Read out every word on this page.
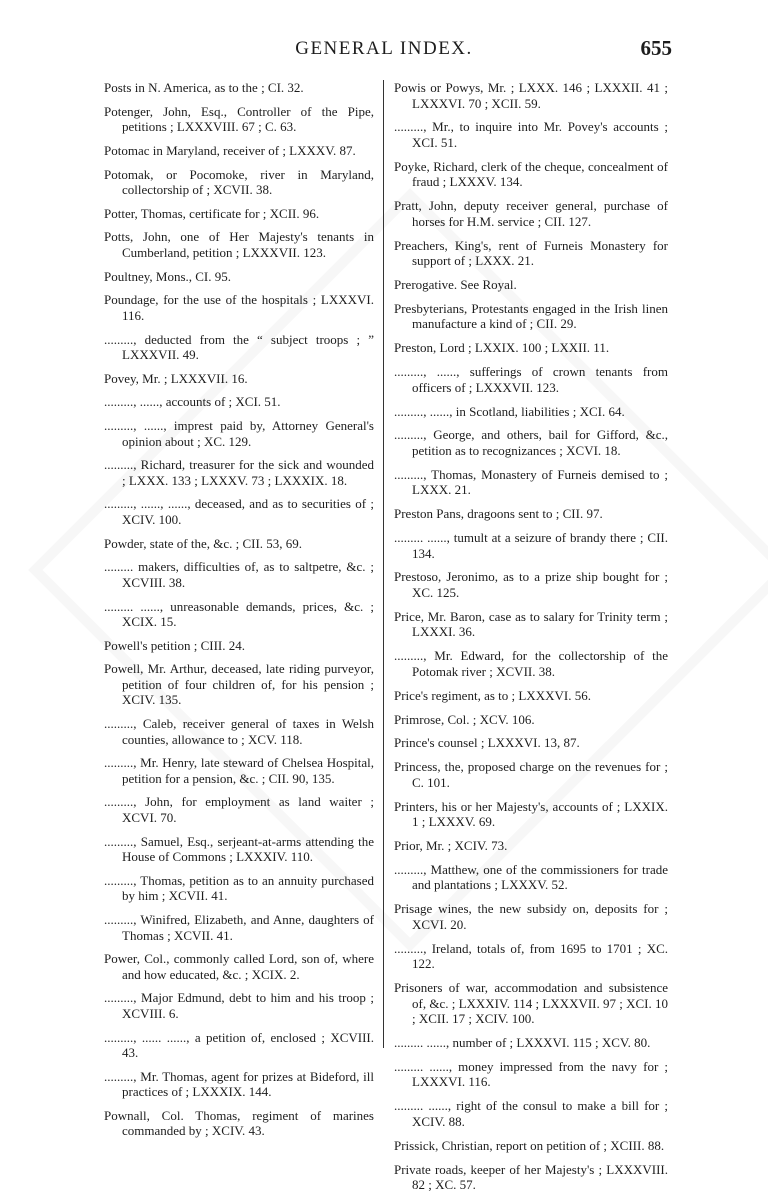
GENERAL INDEX.	655

Posts in N. America, as to the ; CI. 32.

Potenger, John, Esq., Controller of the Pipe, petitions ; LXXXVIII. 67 ; C. 63.

Potomac in Maryland, receiver of ; LXXXV. 87.

Potomak, or Pocomoke, river in Maryland, collectorship of ; XCVII. 38.

Potter, Thomas, certificate for ; XCII. 96.

Potts, John, one of Her Majesty's tenants in Cumberland, petition ; LXXXVII. 123.

Poultney, Mons., CI. 95.

Poundage, for the use of the hospitals ; LXXXVI. 116.

........., deducted from the “ subject troops ; ” LXXXVII. 49.

Povey, Mr. ; LXXXVII. 16.

........., ......, accounts of ; XCI. 51.

........., ......, imprest paid by, Attorney General's opinion about ; XC. 129.

........., Richard, treasurer for the sick and wounded ; LXXX. 133 ; LXXXV. 73 ; LXXXIX. 18.

........., ......, ......, deceased, and as to securities of ; XCIV. 100.

Powder, state of the, &c. ; CII. 53, 69.

......... makers, difficulties of, as to saltpetre, &c. ; XCVIII. 38.

......... ......, unreasonable demands, prices, &c. ; XCIX. 15.

Powell's petition ; CIII. 24.

Powell, Mr. Arthur, deceased, late riding purveyor, petition of four children of, for his pension ; XCIV. 135.

........., Caleb, receiver general of taxes in Welsh counties, allowance to ; XCV. 118.

........., Mr. Henry, late steward of Chelsea Hospital, petition for a pension, &c. ; CII. 90, 135.

........., John, for employment as land waiter ; XCVI. 70.

........., Samuel, Esq., serjeant-at-arms attending the House of Commons ; LXXXIV. 110.

........., Thomas, petition as to an annuity purchased by him ; XCVII. 41.

........., Winifred, Elizabeth, and Anne, daughters of Thomas ; XCVII. 41.

Power, Col., commonly called Lord, son of, where and how educated, &c. ; XCIX. 2.

........., Major Edmund, debt to him and his troop ; XCVIII. 6.

........., ...... ......, a petition of, enclosed ; XCVIII. 43.

........., Mr. Thomas, agent for prizes at Bideford, ill practices of ; LXXXIX. 144.

Pownall, Col. Thomas, regiment of marines commanded by ; XCIV. 43.

Powis or Powys, Mr. ; LXXX. 146 ; LXXXII. 41 ; LXXXVI. 70 ; XCII. 59.

........., Mr., to inquire into Mr. Povey's accounts ; XCI. 51.

Poyke, Richard, clerk of the cheque, concealment of fraud ; LXXXV. 134.

Pratt, John, deputy receiver general, purchase of horses for H.M. service ; CII. 127.

Preachers, King's, rent of Furneis Monastery for support of ; LXXX. 21.

Prerogative. See Royal.

Presbyterians, Protestants engaged in the Irish linen manufacture a kind of ; CII. 29.

Preston, Lord ; LXXIX. 100 ; LXXII. 11.

........., ......, sufferings of crown tenants from officers of ; LXXXVII. 123.

........., ......, in Scotland, liabilities ; XCI. 64.

........., George, and others, bail for Gifford, &c., petition as to recognizances ; XCVI. 18.

........., Thomas, Monastery of Furneis demised to ; LXXX. 21.

Preston Pans, dragoons sent to ; CII. 97.

......... ......, tumult at a seizure of brandy there ; CII. 134.

Prestoso, Jeronimo, as to a prize ship bought for ; XC. 125.

Price, Mr. Baron, case as to salary for Trinity term ; LXXXI. 36.

........., Mr. Edward, for the collectorship of the Potomak river ; XCVII. 38.

Price's regiment, as to ; LXXXVI. 56.

Primrose, Col. ; XCV. 106.

Prince's counsel ; LXXXVI. 13, 87.

Princess, the, proposed charge on the revenues for ; C. 101.

Printers, his or her Majesty's, accounts of ; LXXIX. 1 ; LXXXV. 69.

Prior, Mr. ; XCIV. 73.

........., Matthew, one of the commissioners for trade and plantations ; LXXXV. 52.

Prisage wines, the new subsidy on, deposits for ; XCVI. 20.

........., Ireland, totals of, from 1695 to 1701 ; XC. 122.

Prisoners of war, accommodation and subsistence of, &c. ; LXXXIV. 114 ; LXXXVII. 97 ; XCI. 10 ; XCII. 17 ; XCIV. 100.

......... ......, number of ; LXXXVI. 115 ; XCV. 80.

......... ......, money impressed from the navy for ; LXXXVI. 116.

......... ......, right of the consul to make a bill for ; XCIV. 88.

Prissick, Christian, report on petition of ; XCIII. 88.

Private roads, keeper of her Majesty's ; LXXXVIII. 82 ; XC. 57.
